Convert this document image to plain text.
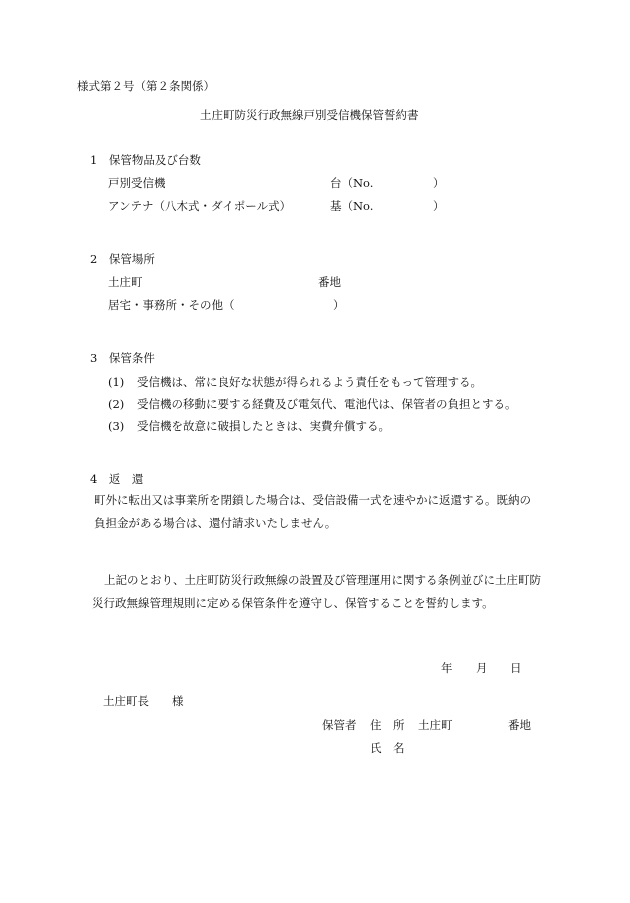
様式第２号（第２条関係）
土庄町防災行政無線戸別受信機保管誓約書
1　保管物品及び台数
戸別受信機	台（No.	）
アンテナ（八木式・ダイポール式）	基（No.	）
2　保管場所
土庄町	番地
居宅・事務所・その他（	）
3　保管条件
(1) 受信機は、常に良好な状態が得られるよう責任をもって管理する。
(2) 受信機の移動に要する経費及び電気代、電池代は、保管者の負担とする。
(3) 受信機を故意に破損したときは、実費弁償する。
4　返　還
町外に転出又は事業所を閉鎖した場合は、受信設備一式を速やかに返還する。既納の
負担金がある場合は、還付請求いたしません。
上記のとおり、土庄町防災行政無線の設置及び管理運用に関する条例並びに土庄町防
災行政無線管理規則に定める保管条件を遵守し、保管することを誓約します。
年 月 日
土庄町長　　様
保管者 住　所 土庄町	番地
氏　名
